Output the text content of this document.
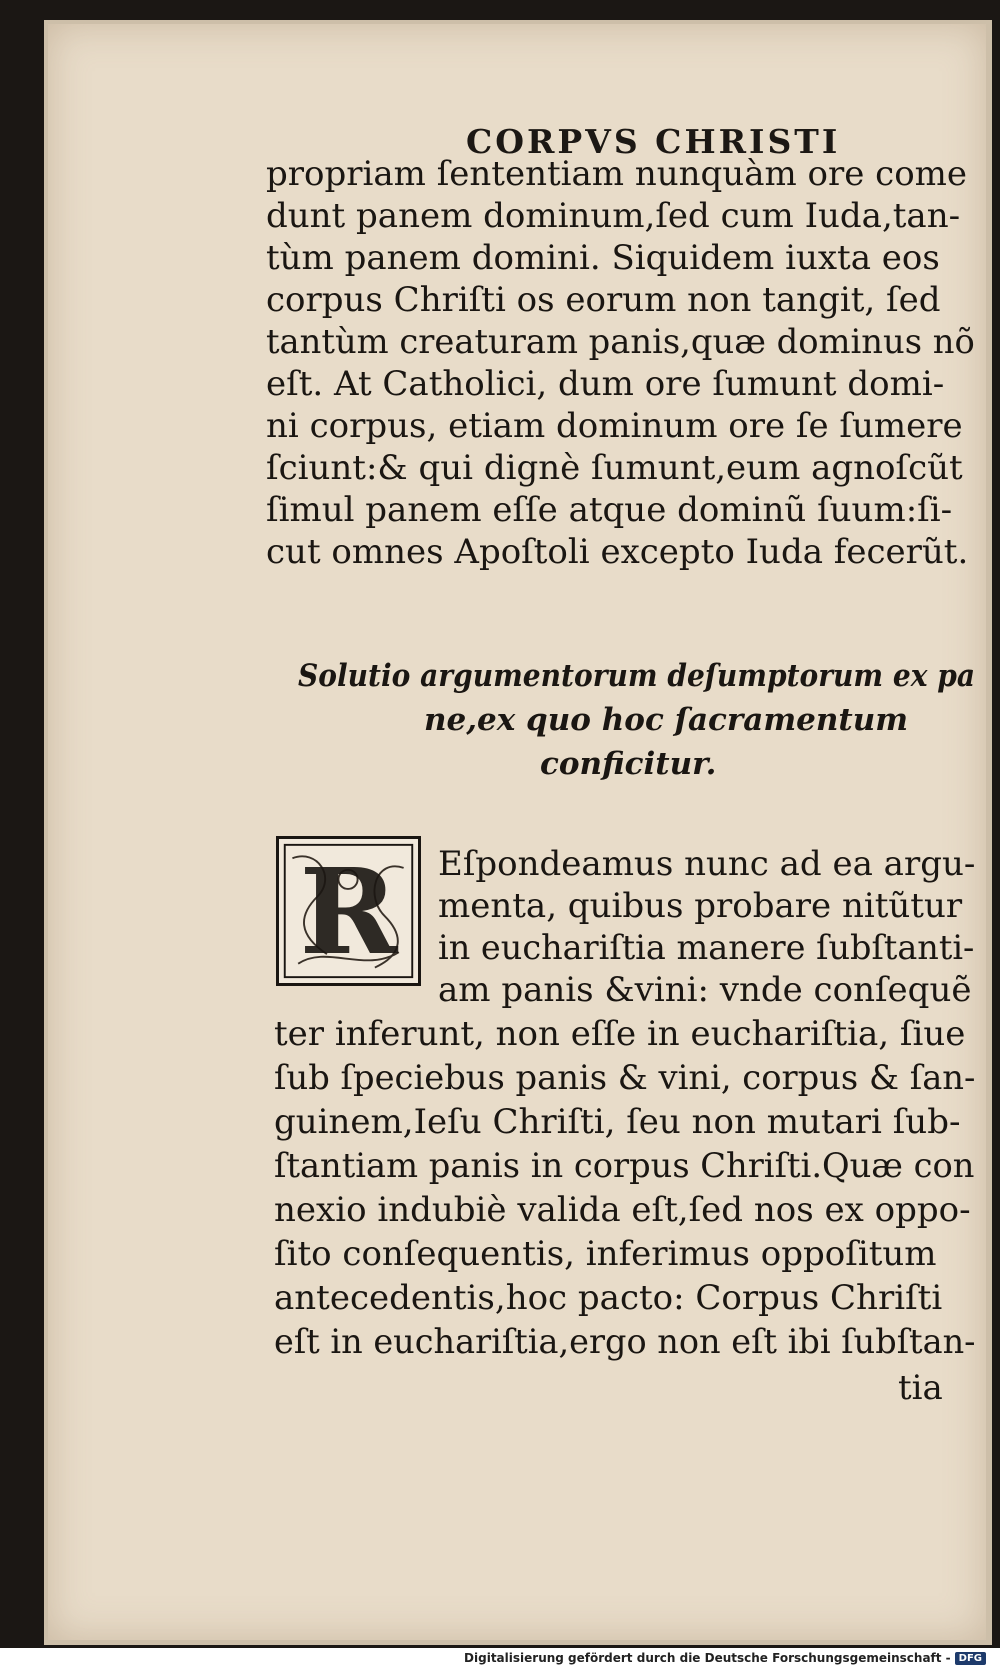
CORPVS CHRISTI
propriam ſententiam nunquàm ore come
dunt panem dominum,ſed cum Iuda,tan-
tùm panem domini. Siquidem iuxta eos
corpus Chriſti os eorum non tangit, ſed
tantùm creaturam panis,quæ dominus nõ
eſt. At Catholici, dum ore ſumunt domi-
ni corpus, etiam dominum ore ſe ſumere
ſciunt:& qui dignè ſumunt,eum agnoſcũt
ſimul panem eſſe atque dominũ ſuum:ſi-
cut omnes Apoſtoli excepto Iuda fecerũt.
Solutio argumentorum deſumptorum ex pa
ne,ex quo hoc ſacramentum
conficitur.
R	Eſpondeamus nunc ad ea argu-
menta, quibus probare nitũtur
in euchariſtia manere ſubſtanti-
am panis &vini: vnde conſequẽ
ter inferunt, non eſſe in euchariſtia, ſiue
ſub ſpeciebus panis & vini, corpus & ſan-
guinem,Ieſu Chriſti, ſeu non mutari ſub-
ſtantiam panis in corpus Chriſti.Quæ con
nexio indubiè valida eſt,ſed nos ex oppo-
ſito conſequentis, inferimus oppoſitum
antecedentis,hoc pacto: Corpus Chriſti
eſt in euchariſtia,ergo non eſt ibi ſubſtan-
tia
Digitalisierung gefördert durch die Deutsche Forschungsgemeinschaft - DFG
